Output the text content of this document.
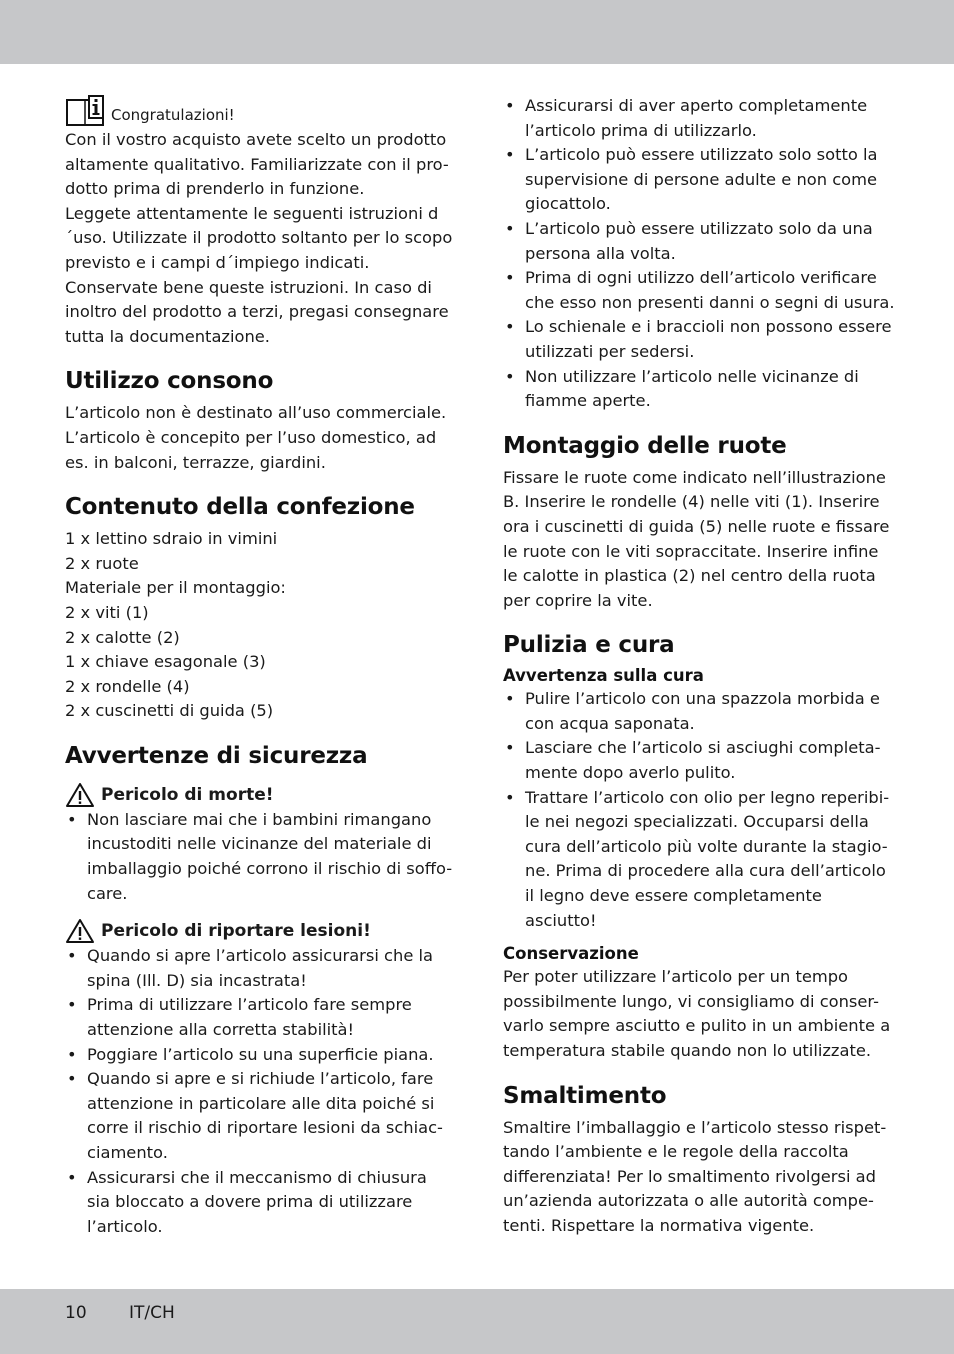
Congratulazioni!

Con il vostro acquisto avete scelto un prodotto altamente qualitativo. Familiarizzate con il pro-dotto prima di prenderlo in funzione.

Leggete attentamente le seguenti istruzioni d´uso. Utilizzate il prodotto soltanto per lo scopo previsto e i campi d´impiego indicati. Conservate bene queste istruzioni. In caso di inoltro del prodotto a terzi, pregasi consegnare tutta la documentazione.

Utilizzo consono

L’articolo non è destinato all’uso commerciale. L’articolo è concepito per l’uso domestico, ad es. in balconi, terrazze, giardini.

Contenuto della confezione

1 x lettino sdraio in vimini

2 x ruote

Materiale per il montaggio:

2 x viti (1)

2 x calotte (2)

1 x chiave esagonale (3)

2 x rondelle (4)

2 x cuscinetti di guida (5)

Avvertenze di sicurezza
Pericolo di morte!
• Non lasciare mai che i bambini rimangano incustoditi nelle vicinanze del materiale di imballaggio poiché corrono il rischio di soffo-care.
Pericolo di riportare lesioni!
• Quando si apre l’articolo assicurarsi che la spina (Ill. D) sia incastrata!
• Prima di utilizzare l’articolo fare sempre attenzione alla corretta stabilità!
• Poggiare l’articolo su una superficie piana.
• Quando si apre e si richiude l’articolo, fare attenzione in particolare alle dita poiché si corre il rischio di riportare lesioni da schiac-ciamento.
• Assicurarsi che il meccanismo di chiusura sia bloccato a dovere prima di utilizzare l’articolo.
• Assicurarsi di aver aperto completamente l’articolo prima di utilizzarlo.
• L’articolo può essere utilizzato solo sotto la supervisione di persone adulte e non come giocattolo.
• L’articolo può essere utilizzato solo da una persona alla volta.
• Prima di ogni utilizzo dell’articolo verificare che esso non presenti danni o segni di usura.
• Lo schienale e i braccioli non possono essere utilizzati per sedersi.
• Non utilizzare l’articolo nelle vicinanze di fiamme aperte.
Montaggio delle ruote

Fissare le ruote come indicato nell’illustrazione B. Inserire le rondelle (4) nelle viti (1). Inserire ora i cuscinetti di guida (5) nelle ruote e fissare le ruote con le viti sopraccitate. Inserire infine le calotte in plastica (2) nel centro della ruota per coprire la vite.

Pulizia e cura
Avvertenza sulla cura
• Pulire l’articolo con una spazzola morbida e con acqua saponata.
• Lasciare che l’articolo si asciughi completa-mente dopo averlo pulito.
• Trattare l’articolo con olio per legno reperibi-le nei negozi specializzati. Occuparsi della cura dell’articolo più volte durante la stagio-ne. Prima di procedere alla cura dell’articolo il legno deve essere completamente asciutto!
Conservazione

Per poter utilizzare l’articolo per un tempo possibilmente lungo, vi consigliamo di conser-varlo sempre asciutto e pulito in un ambiente a temperatura stabile quando non lo utilizzate.

Smaltimento

Smaltire l’imballaggio e l’articolo stesso rispet-tando l’ambiente e le regole della raccolta differenziata! Per lo smaltimento rivolgersi ad un’azienda autorizzata o alle autorità compe-tenti. Rispettare la normativa vigente.

10 IT/CH
